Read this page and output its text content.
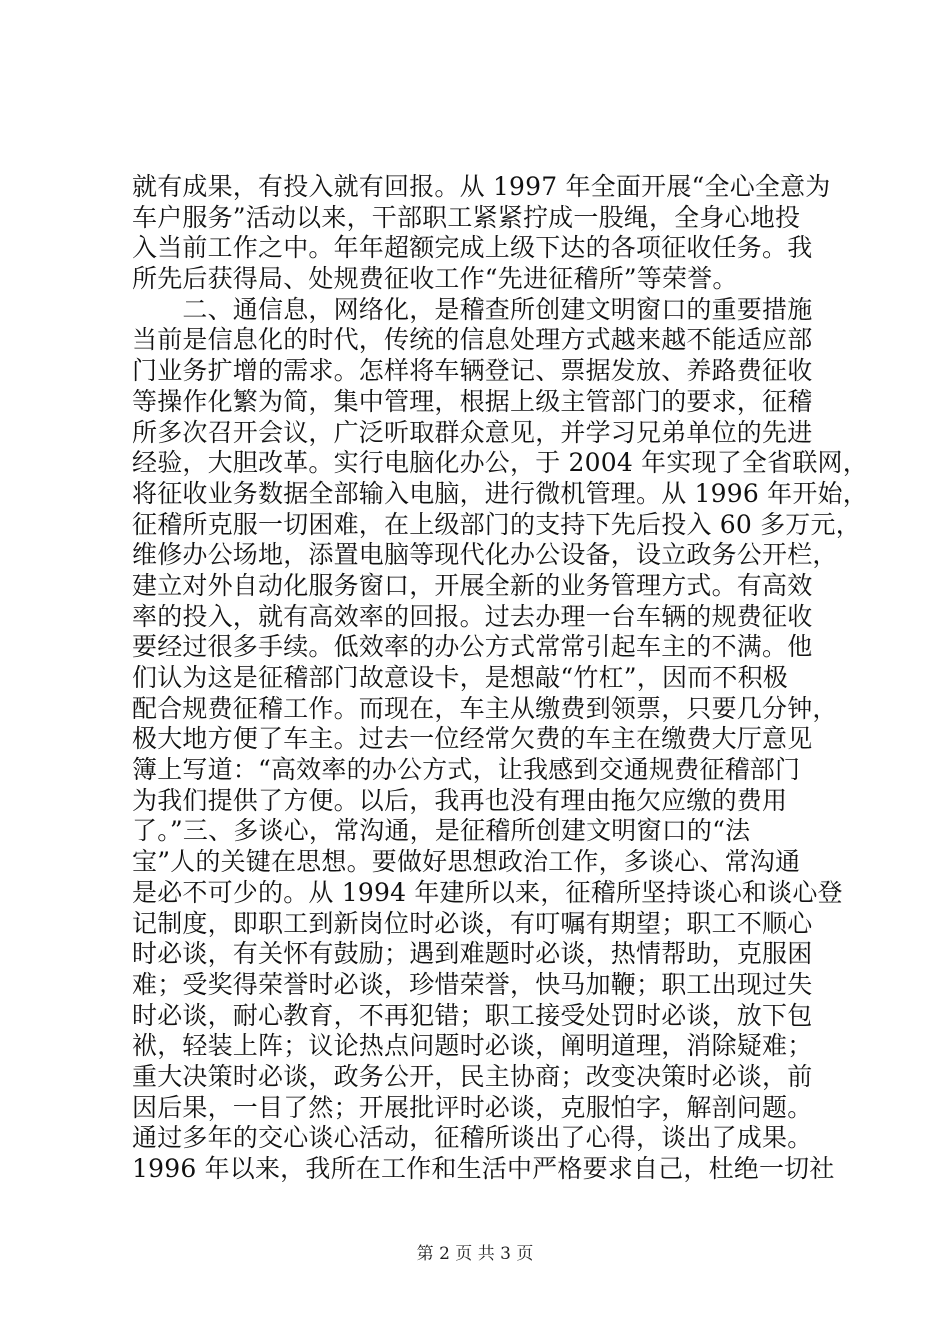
就有成果，有投入就有回报。从 1997 年全面开展“全心全意为
车户服务”活动以来，干部职工紧紧拧成一股绳，全身心地投
入当前工作之中。年年超额完成上级下达的各项征收任务。我
所先后获得局、处规费征收工作“先进征稽所”等荣誉。
　　二、通信息，网络化，是稽查所创建文明窗口的重要措施
当前是信息化的时代，传统的信息处理方式越来越不能适应部
门业务扩增的需求。怎样将车辆登记、票据发放、养路费征收
等操作化繁为简，集中管理，根据上级主管部门的要求，征稽
所多次召开会议，广泛听取群众意见，并学习兄弟单位的先进
经验，大胆改革。实行电脑化办公，于 2004 年实现了全省联网，
将征收业务数据全部输入电脑，进行微机管理。从 1996 年开始，
征稽所克服一切困难，在上级部门的支持下先后投入 60 多万元，
维修办公场地，添置电脑等现代化办公设备，设立政务公开栏，
建立对外自动化服务窗口，开展全新的业务管理方式。有高效
率的投入，就有高效率的回报。过去办理一台车辆的规费征收
要经过很多手续。低效率的办公方式常常引起车主的不满。他
们认为这是征稽部门故意设卡，是想敲“竹杠”，因而不积极
配合规费征稽工作。而现在，车主从缴费到领票，只要几分钟，
极大地方便了车主。过去一位经常欠费的车主在缴费大厅意见
簿上写道：“高效率的办公方式，让我感到交通规费征稽部门
为我们提供了方便。以后，我再也没有理由拖欠应缴的费用
了。”三、多谈心，常沟通，是征稽所创建文明窗口的“法
宝”人的关键在思想。要做好思想政治工作，多谈心、常沟通
是必不可少的。从 1994 年建所以来，征稽所坚持谈心和谈心登
记制度，即职工到新岗位时必谈，有叮嘱有期望；职工不顺心
时必谈，有关怀有鼓励；遇到难题时必谈，热情帮助，克服困
难；受奖得荣誉时必谈，珍惜荣誉，快马加鞭；职工出现过失
时必谈，耐心教育，不再犯错；职工接受处罚时必谈，放下包
袱，轻装上阵；议论热点问题时必谈，阐明道理，消除疑难；
重大决策时必谈，政务公开，民主协商；改变决策时必谈，前
因后果，一目了然；开展批评时必谈，克服怕字，解剖问题。
通过多年的交心谈心活动，征稽所谈出了心得，谈出了成果。
1996 年以来，我所在工作和生活中严格要求自己，杜绝一切社
第 2 页 共 3 页
